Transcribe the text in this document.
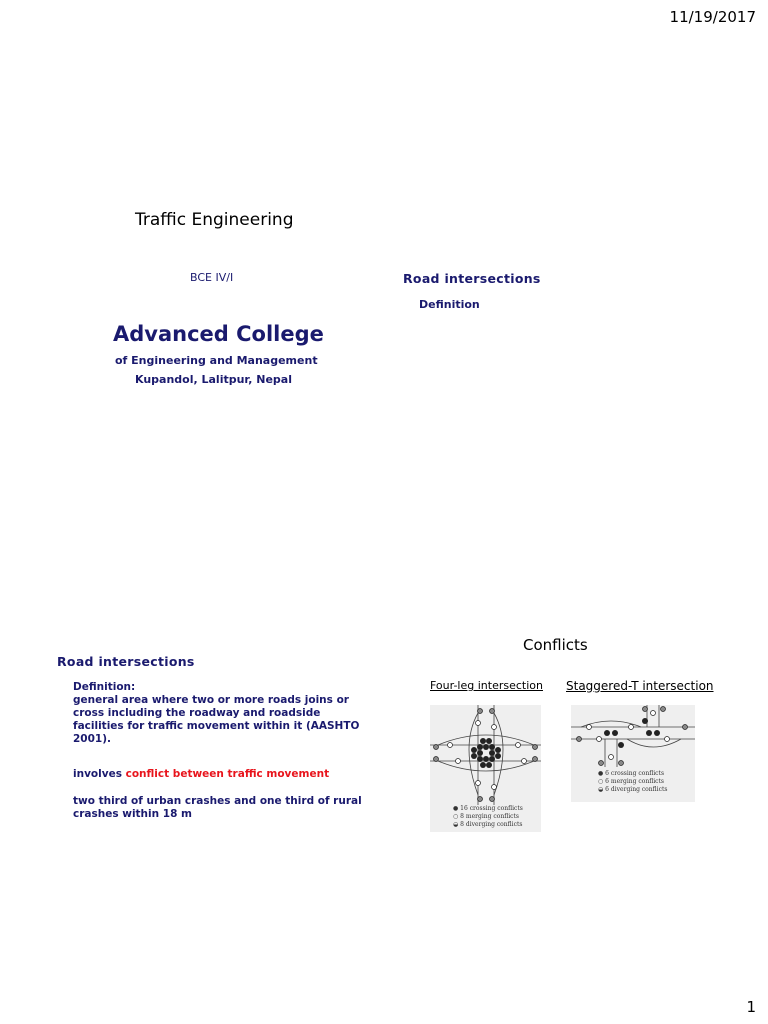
11/19/2017
Traffic Engineering
BCE IV/I
Advanced College
of Engineering and Management
Kupandol, Lalitpur, Nepal
Road intersections
Definition
Road intersections

Definition:

general area where two or more roads joins or cross including the roadway and roadside facilities for traffic movement within it (AASHTO 2001).

involves conflict between traffic movement
two third of urban crashes and one third of rural crashes within 18 m
Conflicts
Four-leg intersection Staggered-T intersection
● 16 crossing conflicts
○ 8 merging conflicts
◒ 8 diverging conflicts
● 6 crossing conflicts
○ 6 merging conflicts
◒ 6 diverging conflicts
1
